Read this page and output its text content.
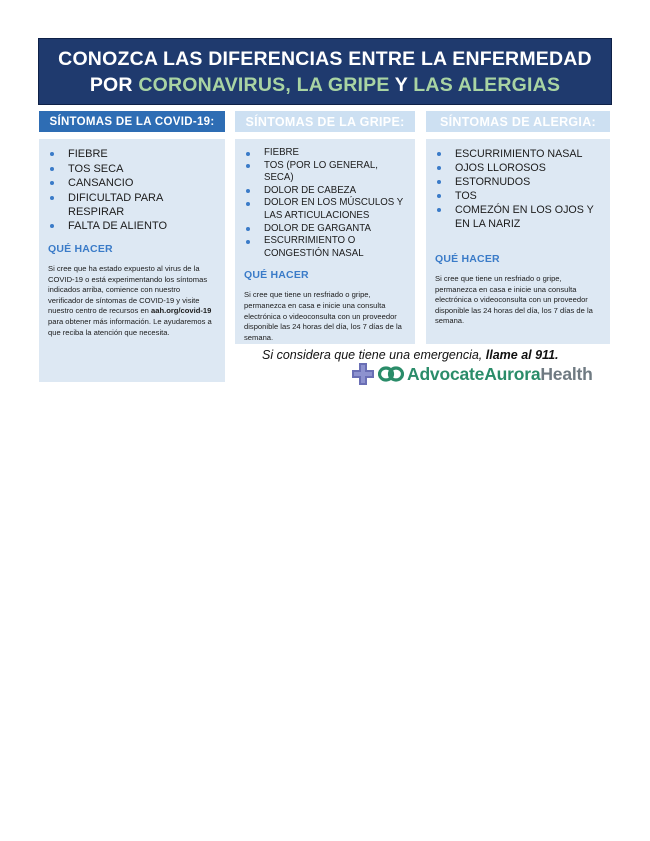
CONOZCA LAS DIFERENCIAS ENTRE LA ENFERMEDAD
POR CORONAVIRUS, LA GRIPE Y LAS ALERGIAS
SÍNTOMAS DE LA COVID-19:	SÍNTOMAS DE LA GRIPE:	SÍNTOMAS DE ALERGIA:
FIEBRE
TOS SECA
CANSANCIO
DIFICULTAD PARA RESPIRAR
FALTA DE ALIENTO
QUÉ HACER
Si cree que ha estado expuesto al virus de la COVID-19 o está experimentando los síntomas indicados arriba, comience con nuestro verificador de síntomas de COVID-19 y visite nuestro centro de recursos en aah.org/covid-19 para obtener más información. Le ayudaremos a que reciba la atención que necesita.
FIEBRE
TOS (POR LO GENERAL, SECA)
DOLOR DE CABEZA
DOLOR EN LOS MÚSCULOS Y LAS ARTICULACIONES
DOLOR DE GARGANTA
ESCURRIMIENTO O CONGESTIÓN NASAL
QUÉ HACER
Si cree que tiene un resfriado o gripe, permanezca en casa e inicie una consulta electrónica o videoconsulta con un proveedor disponible las 24 horas del día, los 7 días de la semana.
ESCURRIMIENTO NASAL
OJOS LLOROSOS
ESTORNUDOS
TOS
COMEZÓN EN LOS OJOS Y EN LA NARIZ
QUÉ HACER
Si cree que tiene un resfriado o gripe, permanezca en casa e inicie una consulta electrónica o videoconsulta con un proveedor disponible las 24 horas del día, los 7 días de la semana.
Si considera que tiene una emergencia, llame al 911.
AdvocateAuroraHealth
